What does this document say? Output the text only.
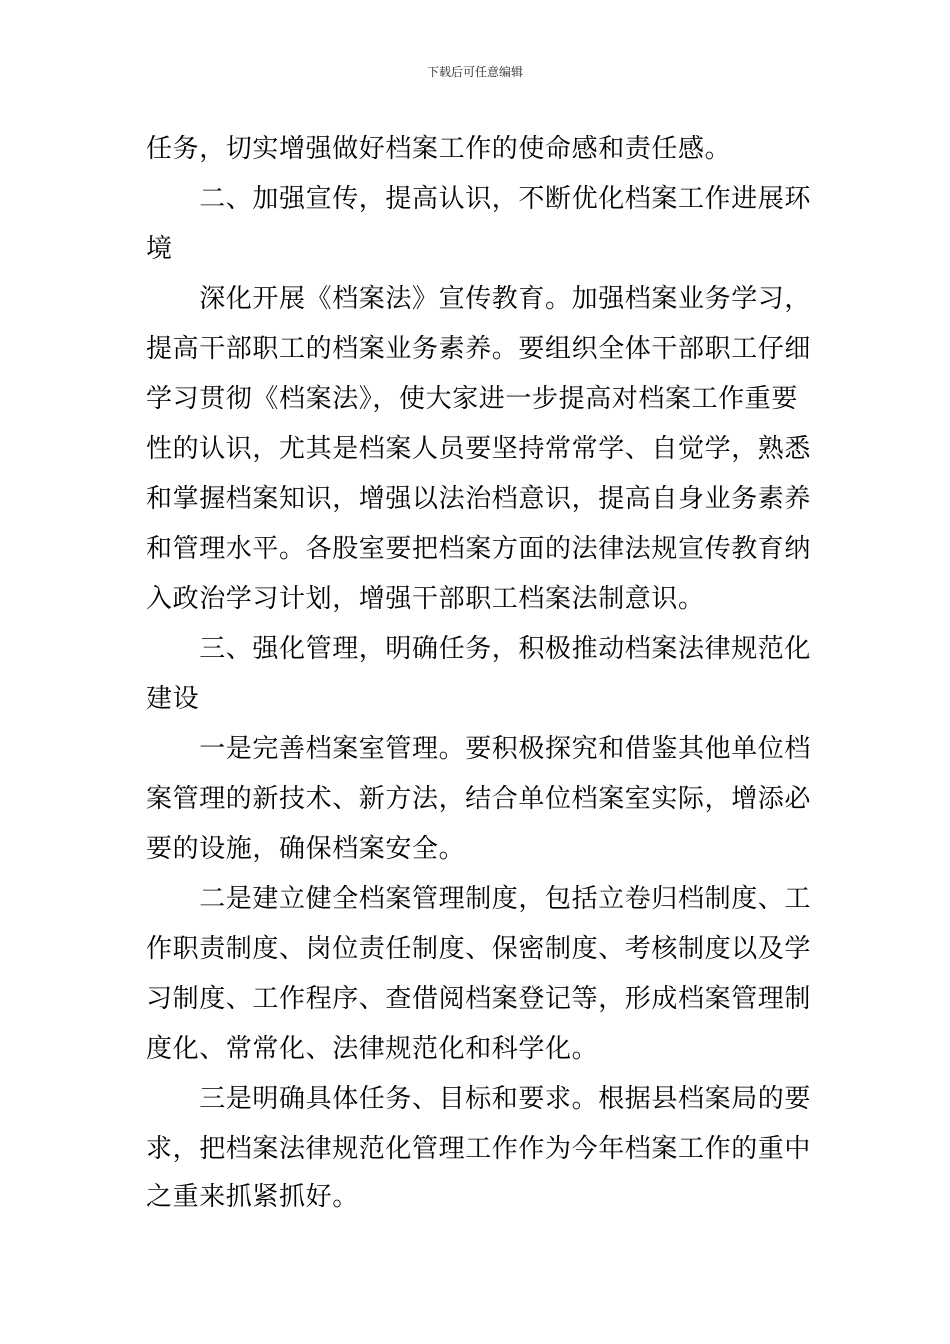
下载后可任意编辑
任务，切实增强做好档案工作的使命感和责任感。
　　二、加强宣传，提高认识，不断优化档案工作进展环
境
　　深化开展《档案法》宣传教育。加强档案业务学习，
提高干部职工的档案业务素养。要组织全体干部职工仔细
学习贯彻《档案法》，使大家进一步提高对档案工作重要
性的认识，尤其是档案人员要坚持常常学、自觉学，熟悉
和掌握档案知识，增强以法治档意识，提高自身业务素养
和管理水平。各股室要把档案方面的法律法规宣传教育纳
入政治学习计划，增强干部职工档案法制意识。
　　三、强化管理，明确任务，积极推动档案法律规范化
建设
　　一是完善档案室管理。要积极探究和借鉴其他单位档
案管理的新技术、新方法，结合单位档案室实际，增添必
要的设施，确保档案安全。
　　二是建立健全档案管理制度，包括立卷归档制度、工
作职责制度、岗位责任制度、保密制度、考核制度以及学
习制度、工作程序、查借阅档案登记等，形成档案管理制
度化、常常化、法律规范化和科学化。
　　三是明确具体任务、目标和要求。根据县档案局的要
求，把档案法律规范化管理工作作为今年档案工作的重中
之重来抓紧抓好。
